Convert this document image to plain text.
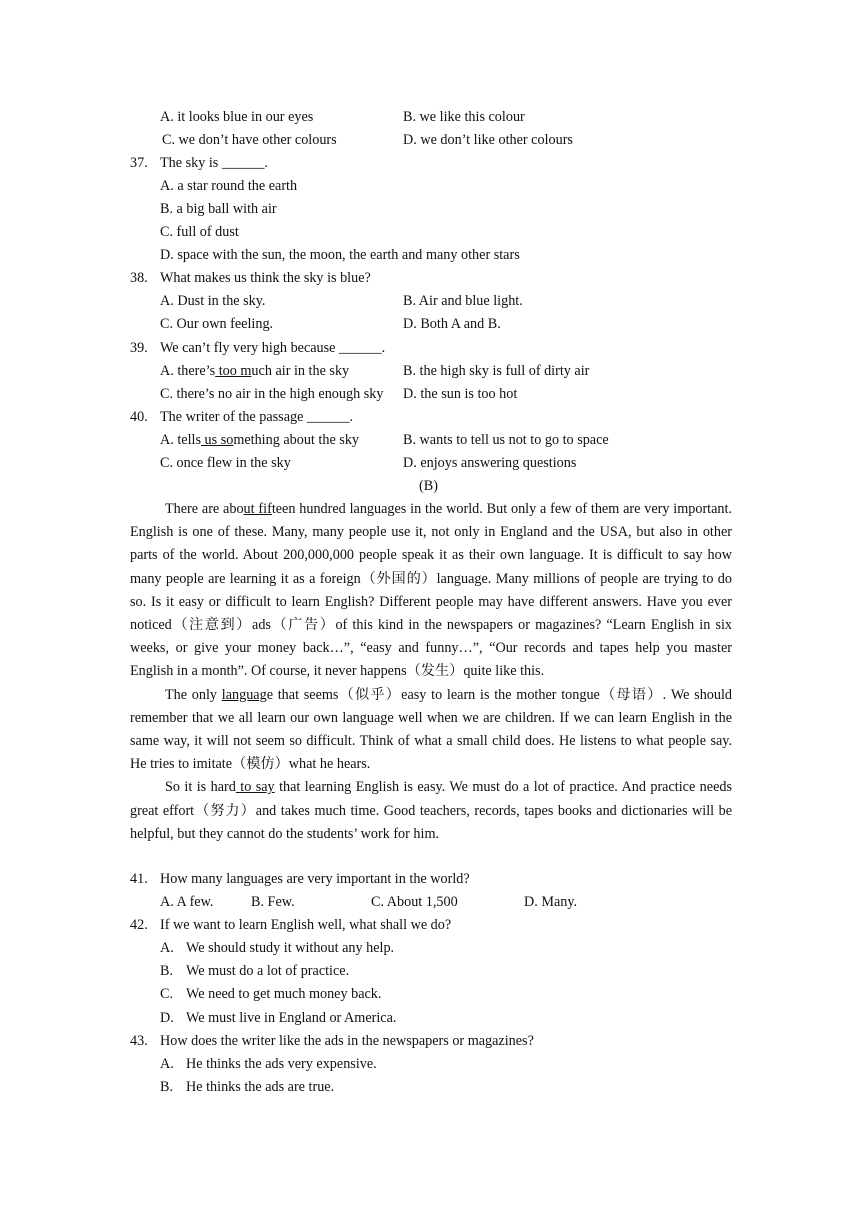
A. it looks blue in our eyes	B. we like this colour
C. we don’t have other colours	D. we don’t like other colours
37. The sky is ______.
A. a star round the earth
B. a big ball with air
C. full of dust
D. space with the sun, the moon, the earth and many other stars
38. What makes us think the sky is blue?
A. Dust in the sky.	B. Air and blue light.
C. Our own feeling.	D. Both A and B.
39. We can’t fly very high because ______.
A. there’s too much air in the sky	B. the high sky is full of dirty air
C. there’s no air in the high enough sky D. the sun is too hot
40. The writer of the passage ______.
A. tells us something about the sky	B. wants to tell us not to go to space
C. once flew in the sky	D. enjoys answering questions
(B)

There are about fifteen hundred languages in the world. But only a few of them are very important. English is one of these. Many, many people use it, not only in England and the USA, but also in other parts of the world. About 200,000,000 people speak it as their own language. It is difficult to say how many people are learning it as a foreign（外国的）language. Many millions of people are trying to do so. Is it easy or difficult to learn English? Different people may have different answers. Have you ever noticed（注意到）ads（广告）of this kind in the newspapers or magazines? “Learn English in six weeks, or give your money back…”, “easy and funny…”, “Our records and tapes help you master English in a month”. Of course, it never happens（发生）quite like this.

The only language that seems（似乎）easy to learn is the mother tongue（母语）. We should remember that we all learn our own language well when we are children. If we can learn English in the same way, it will not seem so difficult. Think of what a small child does. He listens to what people say. He tries to imitate（模仿）what he hears.

So it is hard to say that learning English is easy. We must do a lot of practice. And practice needs great effort（努力）and takes much time. Good teachers, records, tapes books and dictionaries will be helpful, but they cannot do the students’ work for him.

41. How many languages are very important in the world?
A. A few.	B. Few.	C. About 1,500	D. Many.
42. If we want to learn English well, what shall we do?
A. We should study it without any help.
B. We must do a lot of practice.
C. We need to get much money back.
D. We must live in England or America.
43. How does the writer like the ads in the newspapers or magazines?
A. He thinks the ads very expensive.
B. He thinks the ads are true.
